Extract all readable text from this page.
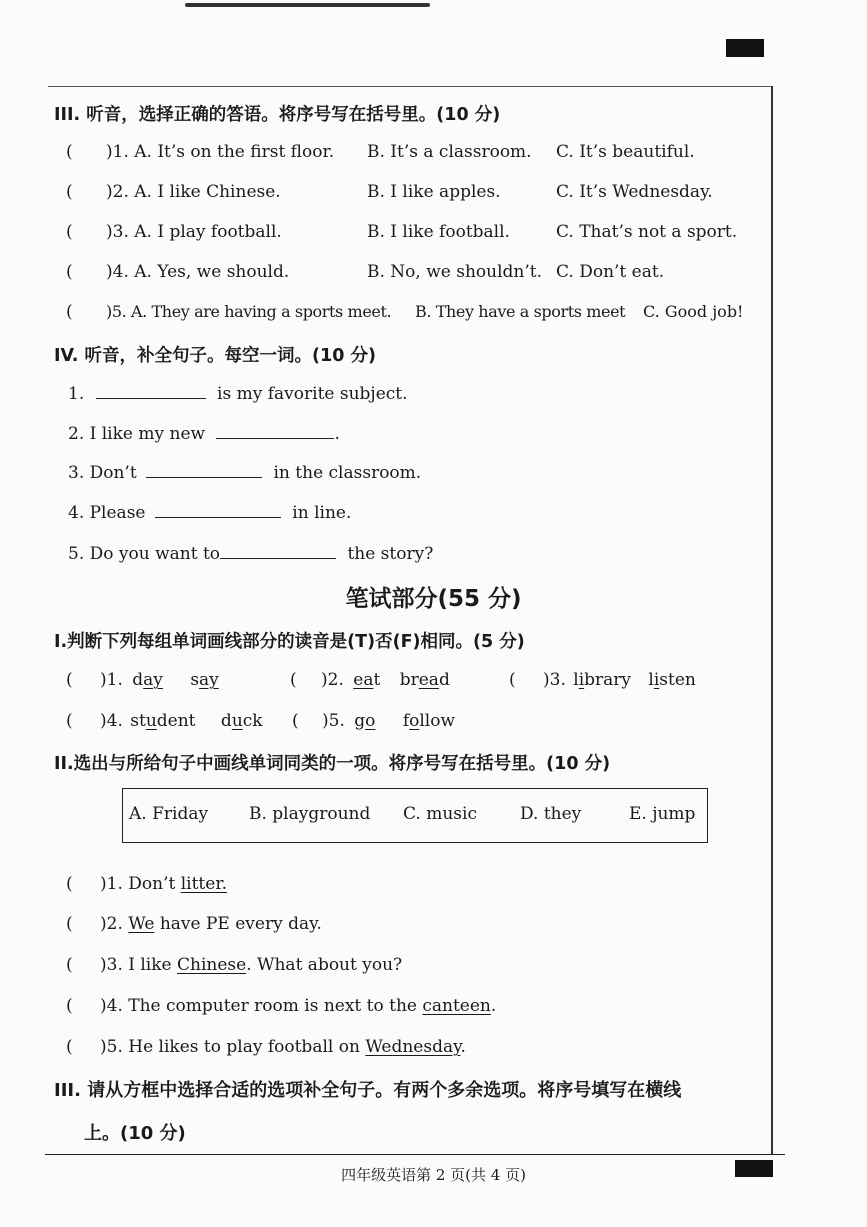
III. 听音，选择正确的答语。将序号写在括号里。(10 分)
( )1. A. It’s on the first floor. B. It’s a classroom. C. It’s beautiful.
( )2. A. I like Chinese.	B. I like apples.	C. It’s Wednesday.
( )3. A. I play football.	B. I like football.	C. That’s not a sport.
( )4. A. Yes, we should.	B. No, we shouldn’t. C. Don’t eat.
( )5. A. They are having a sports meet. B. They have a sports meet C. Good job!
IV. 听音，补全句子。每空一词。(10 分)
1.	is my favorite subject.
2. I like my new	.
3. Don’t	in the classroom.
4. Please	in line.
5. Do you want to	the story?
笔试部分(55 分)
I.判断下列每组单词画线部分的读音是(T)否(F)相同。(5 分)
( )1. day say	( )2. eat bread	( )3. library listen
( )4. student duck ( )5. go follow
II.选出与所给句子中画线单词同类的一项。将序号写在括号里。(10 分)
A. Friday B. playground C. music	D. they	E. jump
( )1. Don’t litter.
( )2. We have PE every day.
( )3. I like Chinese. What about you?
( )4. The computer room is next to the canteen.
( )5. He likes to play football on Wednesday.
III. 请从方框中选择合适的选项补全句子。有两个多余选项。将序号填写在横线
上。(10 分)
四年级英语第 2 页(共 4 页)
